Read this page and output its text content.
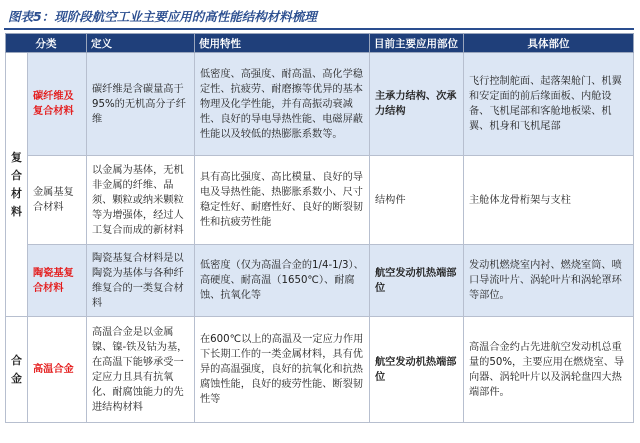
图表5：现阶段航空工业主要应用的高性能结构材料梳理
分类		定义	使用特性	目前主要应用部位	具体部位

复
合
材
料	碳纤维及复合材料	碳纤维是含碳量高于95%的无机高分子纤维	低密度、高强度、耐高温、高化学稳定性、抗疲劳、耐磨擦等优异的基本物理及化学性能，并有高振动衰减性、良好的导电导热性能、电磁屏蔽性能以及较低的热膨胀系数等。	主承力结构、次承力结构	飞行控制舵面、起落架舱门、机翼和安定面的前后缘面板、内舱设备、飞机尾部和客舱地板梁、机翼、机身和飞机尾部
	金属基复合材料	以金属为基体，无机非金属的纤维、晶须、颗粒或纳米颗粒等为增强体，经过人工复合而成的新材料	具有高比强度、高比模量、良好的导电及导热性能、热膨胀系数小、尺寸稳定性好、耐磨性好、良好的断裂韧性和抗疲劳性能	结构件	主舱体龙骨桁架与支柱
	陶瓷基复合材料	陶瓷基复合材料是以陶瓷为基体与各种纤维复合的一类复合材料	低密度（仅为高温合金的1/4-1/3）、高硬度、耐高温（1650℃）、耐腐蚀、抗氧化等	航空发动机热端部位	发动机燃烧室内衬、燃烧室筒、喷口导流叶片、涡轮叶片和涡轮罩环等部位。

合
金	高温合金	高温合金是以金属镍、镍-铁及钴为基，在高温下能够承受一定应力且具有抗氧化、耐腐蚀能力的先进结构材料	在600℃以上的高温及一定应力作用下长期工作的一类金属材料，具有优异的高温强度，良好的抗氧化和抗热腐蚀性能，良好的疲劳性能、断裂韧性等	航空发动机热端部位	高温合金约占先进航空发动机总重量的50%，主要应用在燃烧室、导向器、涡轮叶片以及涡轮盘四大热端部件。
